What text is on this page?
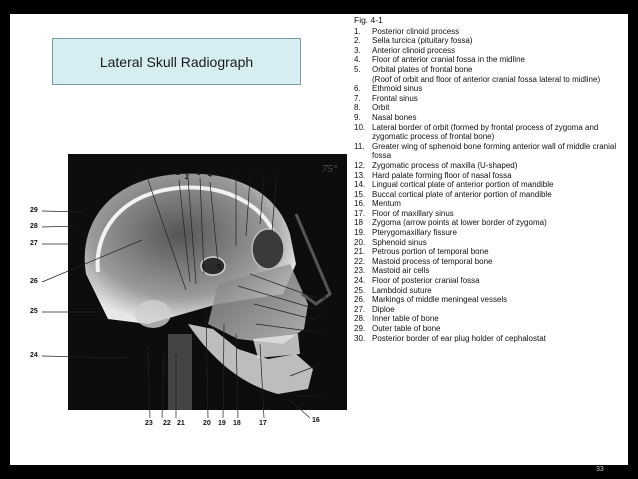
Lateral Skull Radiograph
30	1
2
3 4	6 7 8 9
5
10
11
12
13
14
15
16
17
18
19
20
21
22
23
24
25
26
27
28
29
75°
Fig. 4-1
1.	Posterior clinoid process
2.	Sella turcica (pituitary fossa)
3.	Anterior clinoid process
4.	Floor of anterior cranial fossa in the midline
5.	Orbital plates of frontal bone
(Roof of orbit and floor of anterior cranial fossa lateral to midline)
6.	Ethmoid sinus
7.	Frontal sinus
8.	Orbit
9.	Nasal bones
10. Lateral border of orbit (formed by frontal process of zygoma and zygomatic process of frontal bone)
11. Greater wing of sphenoid bone forming anterior wall of middle cranial fossa
12. Zygomatic process of maxilla (U-shaped)
13. Hard palate forming floor of nasal fossa
14. Lingual cortical plate of anterior portion of mandible
15. Buccal cortical plate of anterior portion of mandible
16. Mentum
17. Floor of maxillary sinus
18	Zygoma (arrow points at lower border of zygoma)
19. Pterygomaxillary fissure
20. Sphenoid sinus
21. Petrous portion of temporal bone
22. Mastoid process of temporal bone
23. Mastoid air cells
24. Floor of posterior cranial fossa
25. Lambdoid suture
26. Markings of middle meningeal vessels
27. Diploe
28. Inner table of bone
29. Outer table of bone
30. Posterior border of ear plug holder of cephalostat
33
